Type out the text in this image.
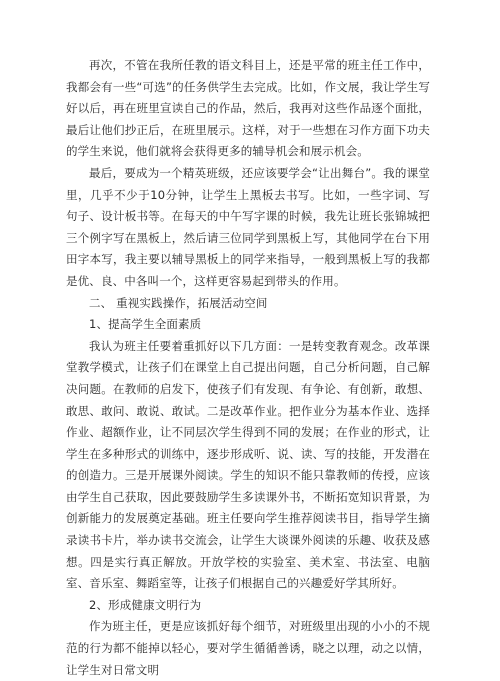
再次，不管在我所任教的语文科目上，还是平常的班主任工作中，我都会有一些“可选”的任务供学生去完成。比如，作文展，我让学生写好以后，再在班里宣读自己的作品，然后，我再对这些作品逐个面批，最后让他们抄正后，在班里展示。这样，对于一些想在习作方面下功夫的学生来说，他们就将会获得更多的辅导机会和展示机会。

最后，要成为一个精英班级，还应该要学会“让出舞台”。我的课堂里，几乎不少于10分钟，让学生上黑板去书写。比如，一些字词、写句子、设计板书等。在每天的中午写字课的时候，我先让班长张锦城把三个例字写在黑板上，然后请三位同学到黑板上写，其他同学在台下用田字本写，我主要以辅导黑板上的同学来指导，一般到黑板上写的我都是优、良、中各叫一个，这样更容易起到带头的作用。

二、 重视实践操作，拓展活动空间

1、提高学生全面素质

我认为班主任要着重抓好以下几方面：一是转变教育观念。改革课堂教学模式，让孩子们在课堂上自己提出问题，自己分析问题，自己解决问题。在教师的启发下，使孩子们有发现、有争论、有创新，敢想、敢思、敢问、敢说、敢试。二是改革作业。把作业分为基本作业、选择作业、超额作业，让不同层次学生得到不同的发展；在作业的形式，让学生在多种形式的训练中，逐步形成听、说、读、写的技能，开发潜在的创造力。三是开展课外阅读。学生的知识不能只靠教师的传授，应该由学生自己获取，因此要鼓励学生多读课外书，不断拓宽知识背景，为创新能力的发展奠定基础。班主任要向学生推荐阅读书目，指导学生摘录读书卡片，举办读书交流会，让学生大谈课外阅读的乐趣、收获及感想。四是实行真正解放。开放学校的实验室、美术室、书法室、电脑室、音乐室、舞蹈室等，让孩子们根据自己的兴趣爱好学其所好。

2、形成健康文明行为

作为班主任，更是应该抓好每个细节，对班级里出现的小小的不规范的行为都不能掉以轻心，要对学生循循善诱，晓之以理，动之以情，让学生对日常文明
